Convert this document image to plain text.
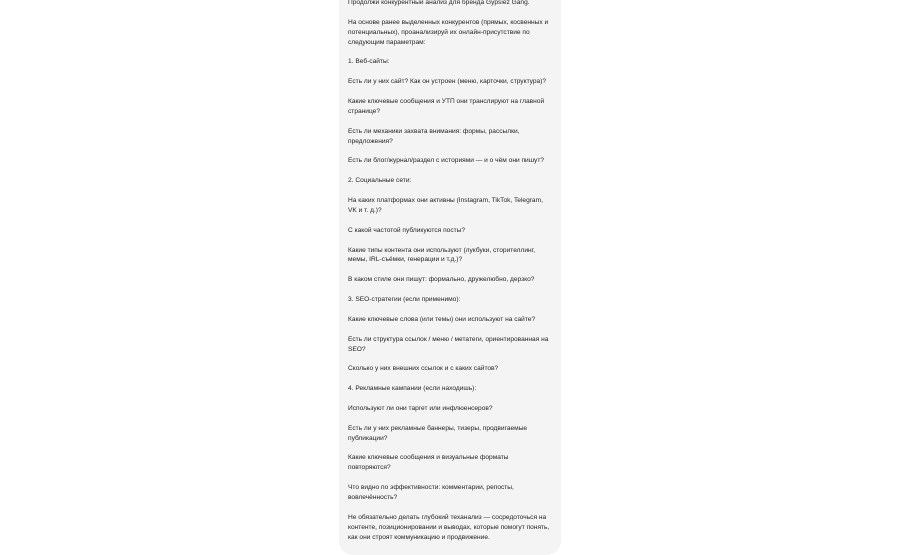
Продолжи конкурентный анализ для бренда Gypsiez Gang.

На основе ранее выделенных конкурентов (прямых, косвенных и потенциальных), проанализируй их онлайн-присутствие по следующим параметрам:

1. Веб-сайты:

Есть ли у них сайт? Как он устроен (меню, карточки, структура)?

Какие ключевые сообщения и УТП они транслируют на главной странице?

Есть ли механики захвата внимания: формы, рассылки, предложения?

Есть ли блог/журнал/раздел с историями — и о чём они пишут?

2. Социальные сети:

На каких платформах они активны (Instagram, TikTok, Telegram, VK и т. д.)?

С какой частотой публикуются посты?

Какие типы контента они используют (лукбуки, сторителлинг, мемы, IRL-съёмки, генерации и т.д.)?

В каком стиле они пишут: формально, дружелюбно, дерзко?

3. SEO-стратегии (если применимо):

Какие ключевые слова (или темы) они используют на сайте?

Есть ли структура ссылок / меню / метатеги, ориентированная на SEO?

Сколько у них внешних ссылок и с каких сайтов?

4. Рекламные кампании (если находишь):

Используют ли они таргет или инфлюенсеров?

Есть ли у них рекламные баннеры, тизеры, продвигаемые публикации?

Какие ключевые сообщения и визуальные форматы повторяются?

Что видно по эффективности: комментарии, репосты, вовлечённость?

Не обязательно делать глубокий теханализ — сосредоточься на контенте, позиционировании и выводах, которые помогут понять, как они строят коммуникацию и продвижение.
